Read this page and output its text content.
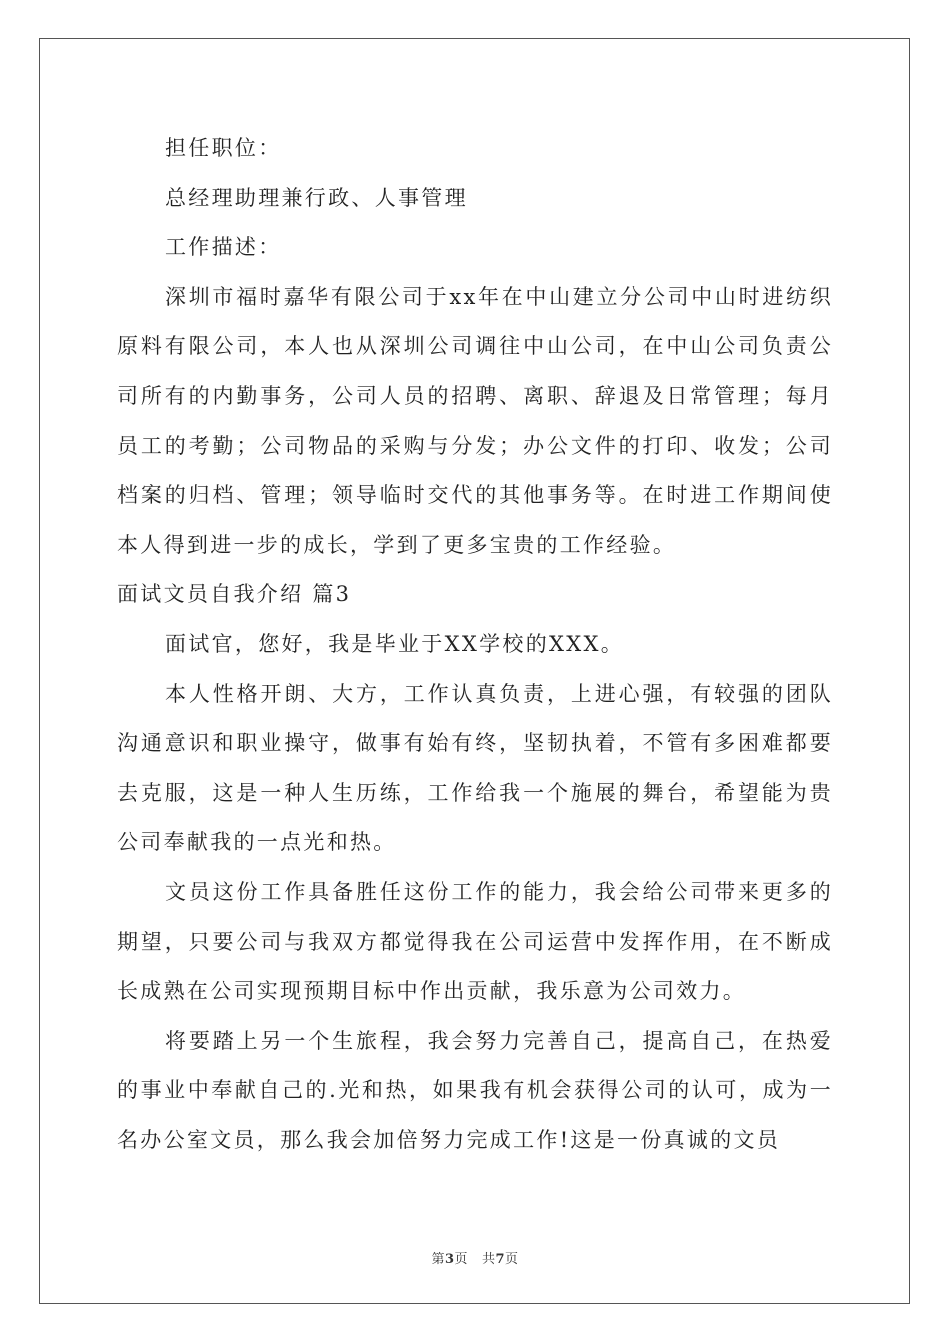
担任职位：

总经理助理兼行政、人事管理

工作描述：

深圳市福时嘉华有限公司于xx年在中山建立分公司中山时进纺织原料有限公司，本人也从深圳公司调往中山公司，在中山公司负责公司所有的内勤事务，公司人员的招聘、离职、辞退及日常管理；每月员工的考勤；公司物品的采购与分发；办公文件的打印、收发；公司档案的归档、管理；领导临时交代的其他事务等。在时进工作期间使本人得到进一步的成长，学到了更多宝贵的工作经验。

面试文员自我介绍 篇3

面试官，您好，我是毕业于XX学校的XXX。

本人性格开朗、大方，工作认真负责，上进心强，有较强的团队沟通意识和职业操守，做事有始有终，坚韧执着，不管有多困难都要去克服，这是一种人生历练，工作给我一个施展的舞台，希望能为贵公司奉献我的一点光和热。

文员这份工作具备胜任这份工作的能力，我会给公司带来更多的期望，只要公司与我双方都觉得我在公司运营中发挥作用，在不断成长成熟在公司实现预期目标中作出贡献，我乐意为公司效力。

将要踏上另一个生旅程，我会努力完善自己，提高自己，在热爱的事业中奉献自己的.光和热，如果我有机会获得公司的认可，成为一名办公室文员，那么我会加倍努力完成工作!这是一份真诚的文员

第3页 共7页
